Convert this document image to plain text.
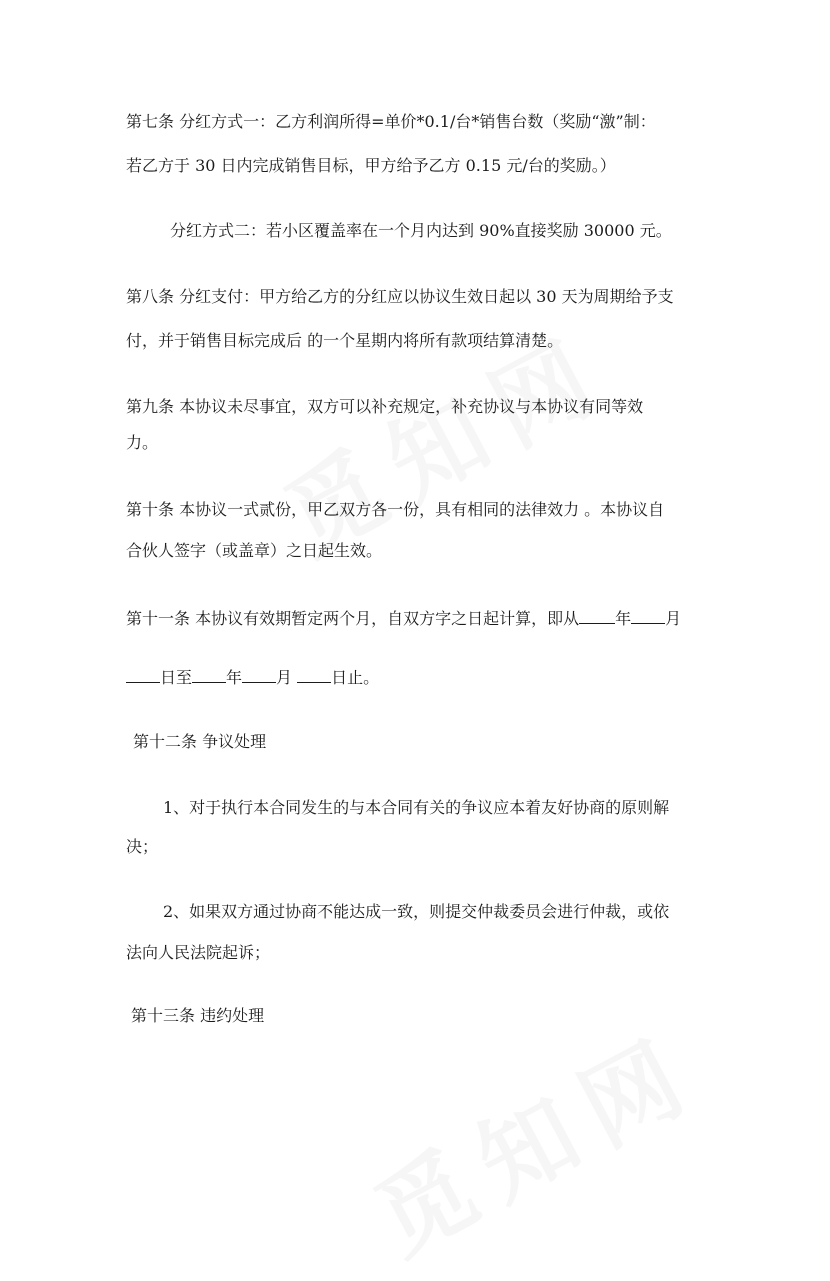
第七条 分红方式一：乙方利润所得=单价*0.1/台*销售台数（奖励“激”制：
若乙方于 30 日内完成销售目标，甲方给予乙方 0.15 元/台的奖励。）
分红方式二：若小区覆盖率在一个月内达到 90%直接奖励 30000 元。
第八条 分红支付：甲方给乙方的分红应以协议生效日起以 30 天为周期给予支
付，并于销售目标完成后 的一个星期内将所有款项结算清楚。
第九条 本协议未尽事宜，双方可以补充规定，补充协议与本协议有同等效
力。
第十条 本协议一式贰份，甲乙双方各一份，具有相同的法律效力 。本协议自
合伙人签字（或盖章）之日起生效。
第十一条 本协议有效期暂定两个月，自双方字之日起计算，即从 年 月
日至 年 月 日止。
第十二条 争议处理
1、对于执行本合同发生的与本合同有关的争议应本着友好协商的原则解
决；
2、如果双方通过协商不能达成一致，则提交仲裁委员会进行仲裁，或依
法向人民法院起诉；
第十三条 违约处理
